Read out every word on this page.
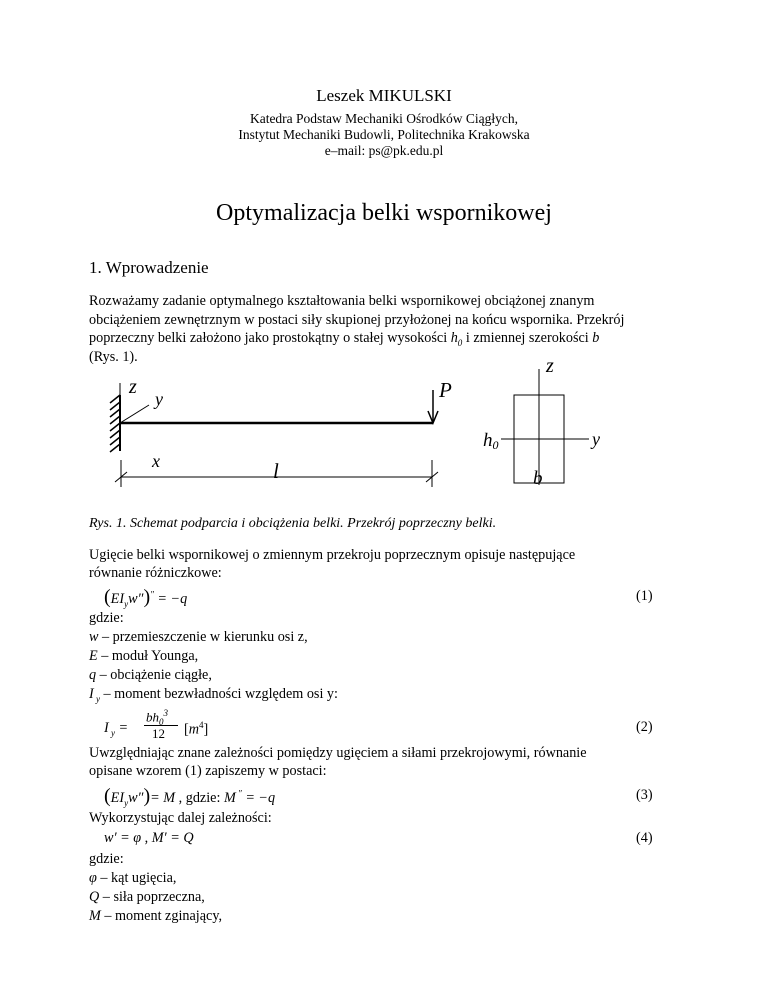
Leszek MIKULSKI
Katedra Podstaw Mechaniki Ośrodków Ciągłych,
Instytut Mechaniki Budowli, Politechnika Krakowska
e–mail: ps@pk.edu.pl
Optymalizacja belki wspornikowej
1. Wprowadzenie
Rozważamy zadanie optymalnego kształtowania belki wspornikowej obciążonej znanym
obciążeniem zewnętrznym w postaci siły skupionej przyłożonej na końcu wspornika. Przekrój
poprzeczny belki założono jako prostokątny o stałej wysokości $h_0$ i zmiennej szerokości b
(Rys. 1).
z
y
x
P
l
z
y
h0
b
Rys. 1. Schemat podparcia i obciążenia belki. Przekrój poprzeczny belki.
Ugięcie belki wspornikowej o zmiennym przekroju poprzecznym opisuje następujące
równanie różniczkowe:
$(EI_yw'')'' = -q$	(1)
gdzie:
w – przemieszczenie w kierunku osi z,
E – moduł Younga,
q – obciążenie ciągłe,
I $_y$ – moment bezwładności względem osi y:
I $_y$ =
$bh_0^3$
12 $[m^4]$	(2)
Uwzględniając znane zależności pomiędzy ugięciem a siłami przekrojowymi, równanie
opisane wzorem (1) zapiszemy w postaci:
$(EI_yw'')= M$ , gdzie: M ″ = −q	(3)
Wykorzystując dalej zależności:
w′ = φ , M′ = Q	(4)
gdzie:
φ – kąt ugięcia,
Q – siła poprzeczna,
M – moment zginający,
